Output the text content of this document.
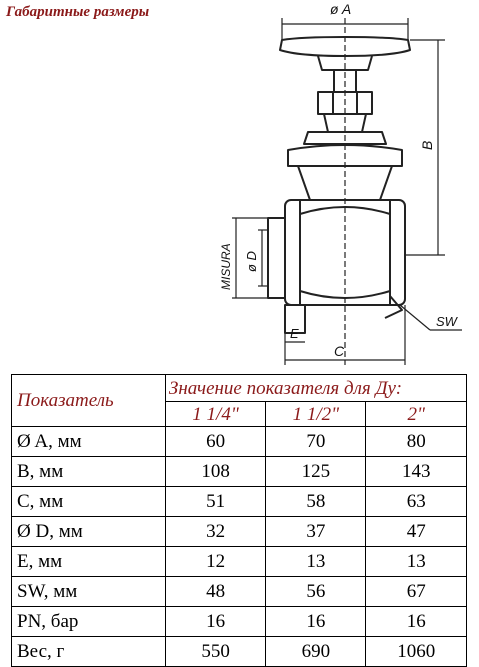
Габаритные размеры	ø A
B
C
ø D
E
SW
MISURA
Показатель	Значение показателя для Ду:		
	1 1/4"	1 1/2"	2"
Ø A, мм	60	70	80
B, мм	108	125	143
C, мм	51	58	63
Ø D, мм	32	37	47
E, мм	12	13	13
SW, мм	48	56	67
PN, бар	16	16	16
Вес, г	550	690	1060
